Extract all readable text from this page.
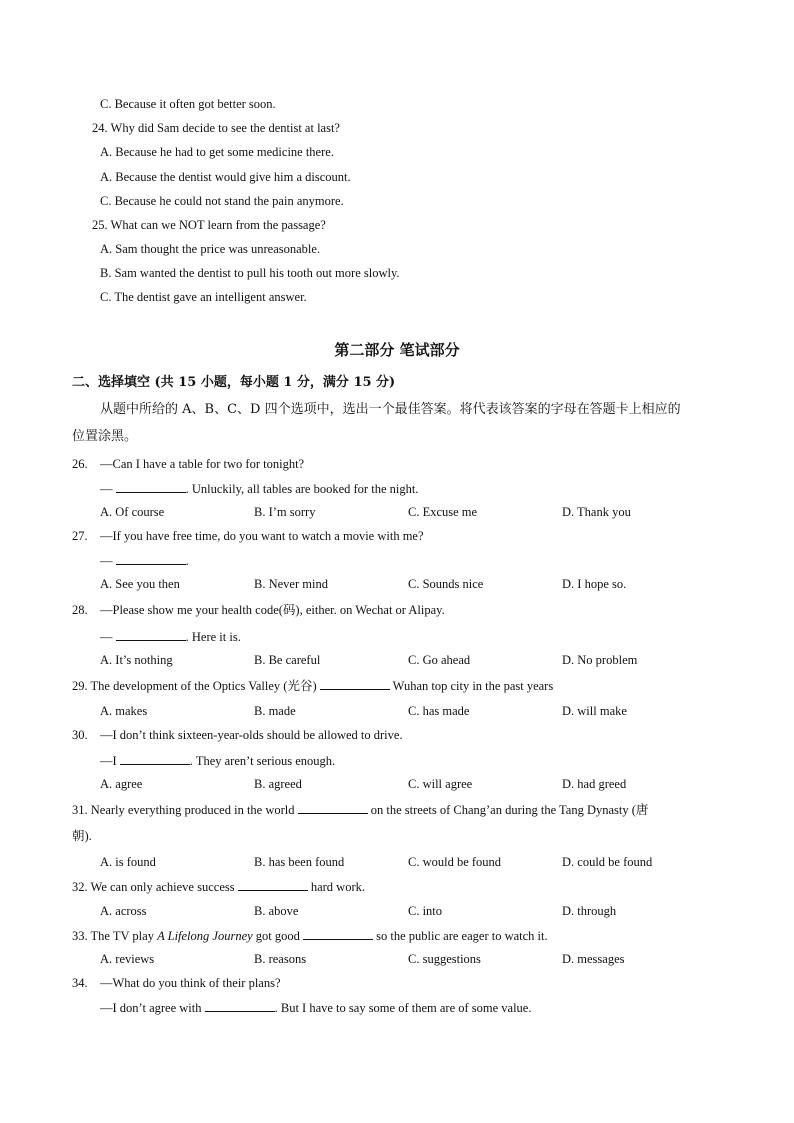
C. Because it often got better soon.
24. Why did Sam decide to see the dentist at last?
A. Because he had to get some medicine there.
A. Because the dentist would give him a discount.
C. Because he could not stand the pain anymore.
25. What can we NOT learn from the passage?
A. Sam thought the price was unreasonable.
B. Sam wanted the dentist to pull his tooth out more slowly.
C. The dentist gave an intelligent answer.
第二部分 笔试部分
二、选择填空 (共 15 小题，每小题 1 分，满分 15 分)
从题中所给的 A、B、C、D 四个选项中，选出一个最佳答案。将代表该答案的字母在答题卡上相应的
位置涂黑。
26. —Can I have a table for two for tonight?
—	. Unluckily, all tables are booked for the night.
A. Of course	B. I’m sorry	C. Excuse me	D. Thank you
27. —If you have free time, do you want to watch a movie with me?
—	.
A. See you then	B. Never mind	C. Sounds nice	D. I hope so.
28. —Please show me your health code(码), either. on Wechat or Alipay.
—	. Here it is.
A. It’s nothing	B. Be careful	C. Go ahead	D. No problem
29. The development of the Optics Valley (光谷)	Wuhan top city in the past years
A. makes	B. made	C. has made	D. will make
30. —I don’t think sixteen-year-olds should be allowed to drive.
—I	. They aren’t serious enough.
A. agree	B. agreed	C. will agree	D. had greed
31. Nearly everything produced in the world	on the streets of Chang’an during the Tang Dynasty (唐
朝).
A. is found	B. has been found	C. would be found	D. could be found
32. We can only achieve success	hard work.
A. across	B. above	C. into	D. through
33. The TV play A Lifelong Journey got good	so the public are eager to watch it.
A. reviews	B. reasons	C. suggestions	D. messages
34. —What do you think of their plans?
—I don’t agree with	. But I have to say some of them are of some value.
